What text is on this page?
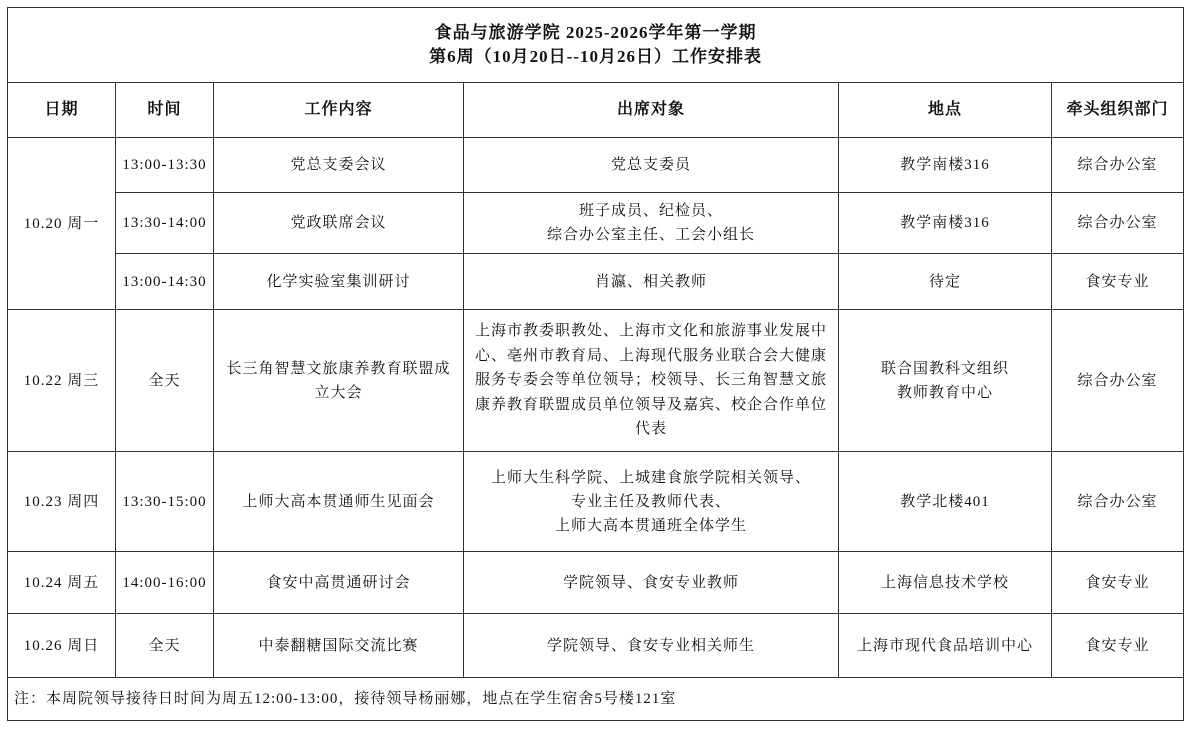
食品与旅游学院 2025-2026学年第一学期
第6周（10月20日--10月26日）工作安排表					

日期	时间	工作内容	出席对象	地点	牵头组织部门
10.20 周一	13:00-13:30	党总支委会议	党总支委员	教学南楼316	综合办公室
	13:30-14:00	党政联席会议	班子成员、纪检员、
综合办公室主任、工会小组长	教学南楼316	综合办公室
	13:00-14:30	化学实验室集训研讨	肖瀛、相关教师	待定	食安专业
10.22 周三	全天	长三角智慧文旅康养教育联盟成立大会	上海市教委职教处、上海市文化和旅游事业发展中心、亳州市教育局、上海现代服务业联合会大健康服务专委会等单位领导；校领导、长三角智慧文旅康养教育联盟成员单位领导及嘉宾、校企合作单位代表	联合国教科文组织
教师教育中心	综合办公室
10.23 周四	13:30-15:00	上师大高本贯通师生见面会	上师大生科学院、上城建食旅学院相关领导、
专业主任及教师代表、
上师大高本贯通班全体学生	教学北楼401	综合办公室
10.24 周五	14:00-16:00	食安中高贯通研讨会	学院领导、食安专业教师	上海信息技术学校	食安专业
10.26 周日	全天	中泰翻糖国际交流比赛	学院领导、食安专业相关师生	上海市现代食品培训中心	食安专业
注：本周院领导接待日时间为周五12:00-13:00，接待领导杨丽娜，地点在学生宿舍5号楼121室					
